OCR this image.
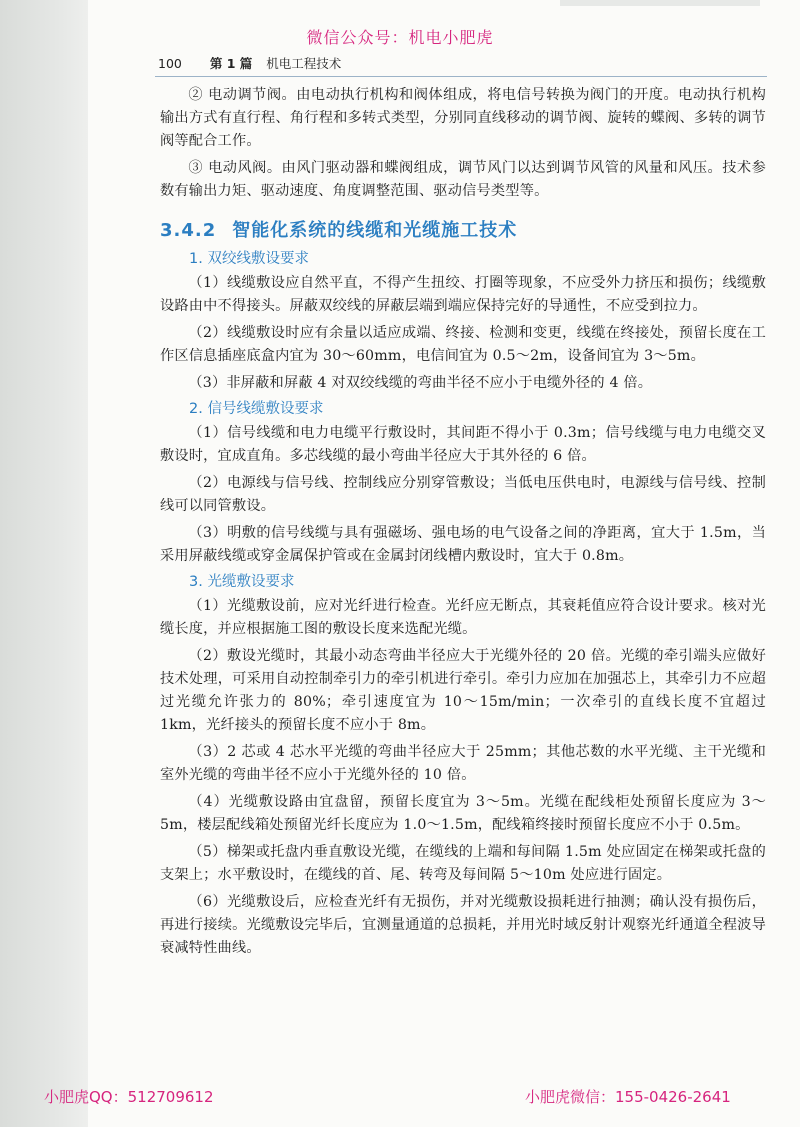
微信公众号：机电小肥虎
100 第 1 篇 机电工程技术

② 电动调节阀。由电动执行机构和阀体组成，将电信号转换为阀门的开度。电动执行机构输出方式有直行程、角行程和多转式类型，分别同直线移动的调节阀、旋转的蝶阀、多转的调节阀等配合工作。

③ 电动风阀。由风门驱动器和蝶阀组成，调节风门以达到调节风管的风量和风压。技术参数有输出力矩、驱动速度、角度调整范围、驱动信号类型等。

3.4.2 智能化系统的线缆和光缆施工技术
1. 双绞线敷设要求

（1）线缆敷设应自然平直，不得产生扭绞、打圈等现象，不应受外力挤压和损伤；线缆敷设路由中不得接头。屏蔽双绞线的屏蔽层端到端应保持完好的导通性，不应受到拉力。

（2）线缆敷设时应有余量以适应成端、终接、检测和变更，线缆在终接处，预留长度在工作区信息插座底盒内宜为 30～60mm，电信间宜为 0.5～2m，设备间宜为 3～5m。

（3）非屏蔽和屏蔽 4 对双绞线缆的弯曲半径不应小于电缆外径的 4 倍。

2. 信号线缆敷设要求

（1）信号线缆和电力电缆平行敷设时，其间距不得小于 0.3m；信号线缆与电力电缆交叉敷设时，宜成直角。多芯线缆的最小弯曲半径应大于其外径的 6 倍。

（2）电源线与信号线、控制线应分别穿管敷设；当低电压供电时，电源线与信号线、控制线可以同管敷设。

（3）明敷的信号线缆与具有强磁场、强电场的电气设备之间的净距离，宜大于 1.5m，当采用屏蔽线缆或穿金属保护管或在金属封闭线槽内敷设时，宜大于 0.8m。

3. 光缆敷设要求

（1）光缆敷设前，应对光纤进行检查。光纤应无断点，其衰耗值应符合设计要求。核对光缆长度，并应根据施工图的敷设长度来选配光缆。

（2）敷设光缆时，其最小动态弯曲半径应大于光缆外径的 20 倍。光缆的牵引端头应做好技术处理，可采用自动控制牵引力的牵引机进行牵引。牵引力应加在加强芯上，其牵引力不应超过光缆允许张力的 80%；牵引速度宜为 10～15m/min；一次牵引的直线长度不宜超过 1km，光纤接头的预留长度不应小于 8m。

（3）2 芯或 4 芯水平光缆的弯曲半径应大于 25mm；其他芯数的水平光缆、主干光缆和室外光缆的弯曲半径不应小于光缆外径的 10 倍。

（4）光缆敷设路由宜盘留，预留长度宜为 3～5m。光缆在配线柜处预留长度应为 3～5m，楼层配线箱处预留光纤长度应为 1.0～1.5m，配线箱终接时预留长度应不小于 0.5m。

（5）梯架或托盘内垂直敷设光缆，在缆线的上端和每间隔 1.5m 处应固定在梯架或托盘的支架上；水平敷设时，在缆线的首、尾、转弯及每间隔 5～10m 处应进行固定。

（6）光缆敷设后，应检查光纤有无损伤，并对光缆敷设损耗进行抽测；确认没有损伤后，再进行接续。光缆敷设完毕后，宜测量通道的总损耗，并用光时域反射计观察光纤通道全程波导衰减特性曲线。

小肥虎QQ：512709612	小肥虎微信：155-0426-2641
